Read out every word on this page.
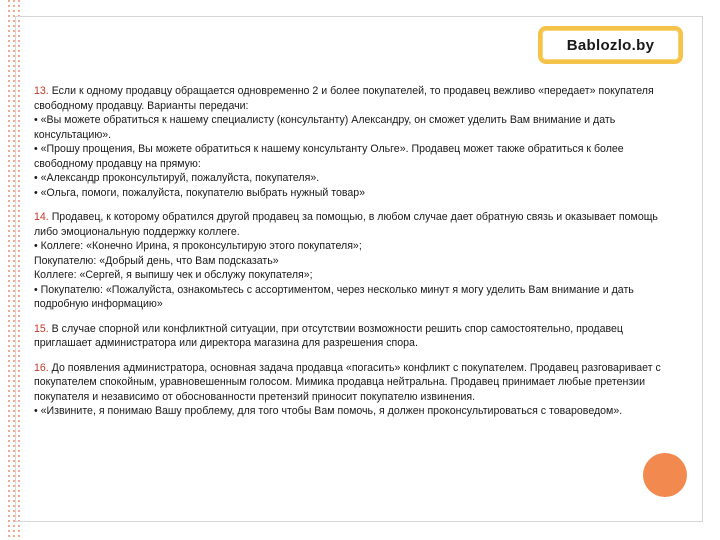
Bablozlo.by
13. Если к одному продавцу обращается одновременно 2 и более покупателей, то продавец вежливо «передает» покупателя свободному продавцу. Варианты передачи:
• «Вы можете обратиться к нашему специалисту (консультанту) Александру, он сможет уделить Вам внимание и дать консультацию».
• «Прошу прощения, Вы можете обратиться к нашему консультанту Ольге». Продавец может также обратиться к более свободному продавцу на прямую:
• «Александр проконсультируй, пожалуйста, покупателя».
• «Ольга, помоги, пожалуйста, покупателю выбрать нужный товар»
14. Продавец, к которому обратился другой продавец за помощью, в любом случае дает обратную связь и оказывает помощь либо эмоциональную поддержку коллеге.
• Коллеге: «Конечно Ирина, я проконсультирую этого покупателя»;
Покупателю: «Добрый день, что Вам подсказать»
Коллеге: «Сергей, я выпишу чек и обслужу покупателя»;
• Покупателю: «Пожалуйста, ознакомьтесь с ассортиментом, через несколько минут я могу уделить Вам внимание и дать подробную информацию»
15. В случае спорной или конфликтной ситуации, при отсутствии возможности решить спор самостоятельно, продавец приглашает администратора или директора магазина для разрешения спора.
16. До появления администратора, основная задача продавца «погасить» конфликт с покупателем. Продавец разговаривает с покупателем спокойным, уравновешенным голосом. Мимика продавца нейтральна. Продавец принимает любые претензии покупателя и независимо от обоснованности претензий приносит покупателю извинения.
• «Извините, я понимаю Вашу проблему, для того чтобы Вам помочь, я должен проконсультироваться с товароведом».
